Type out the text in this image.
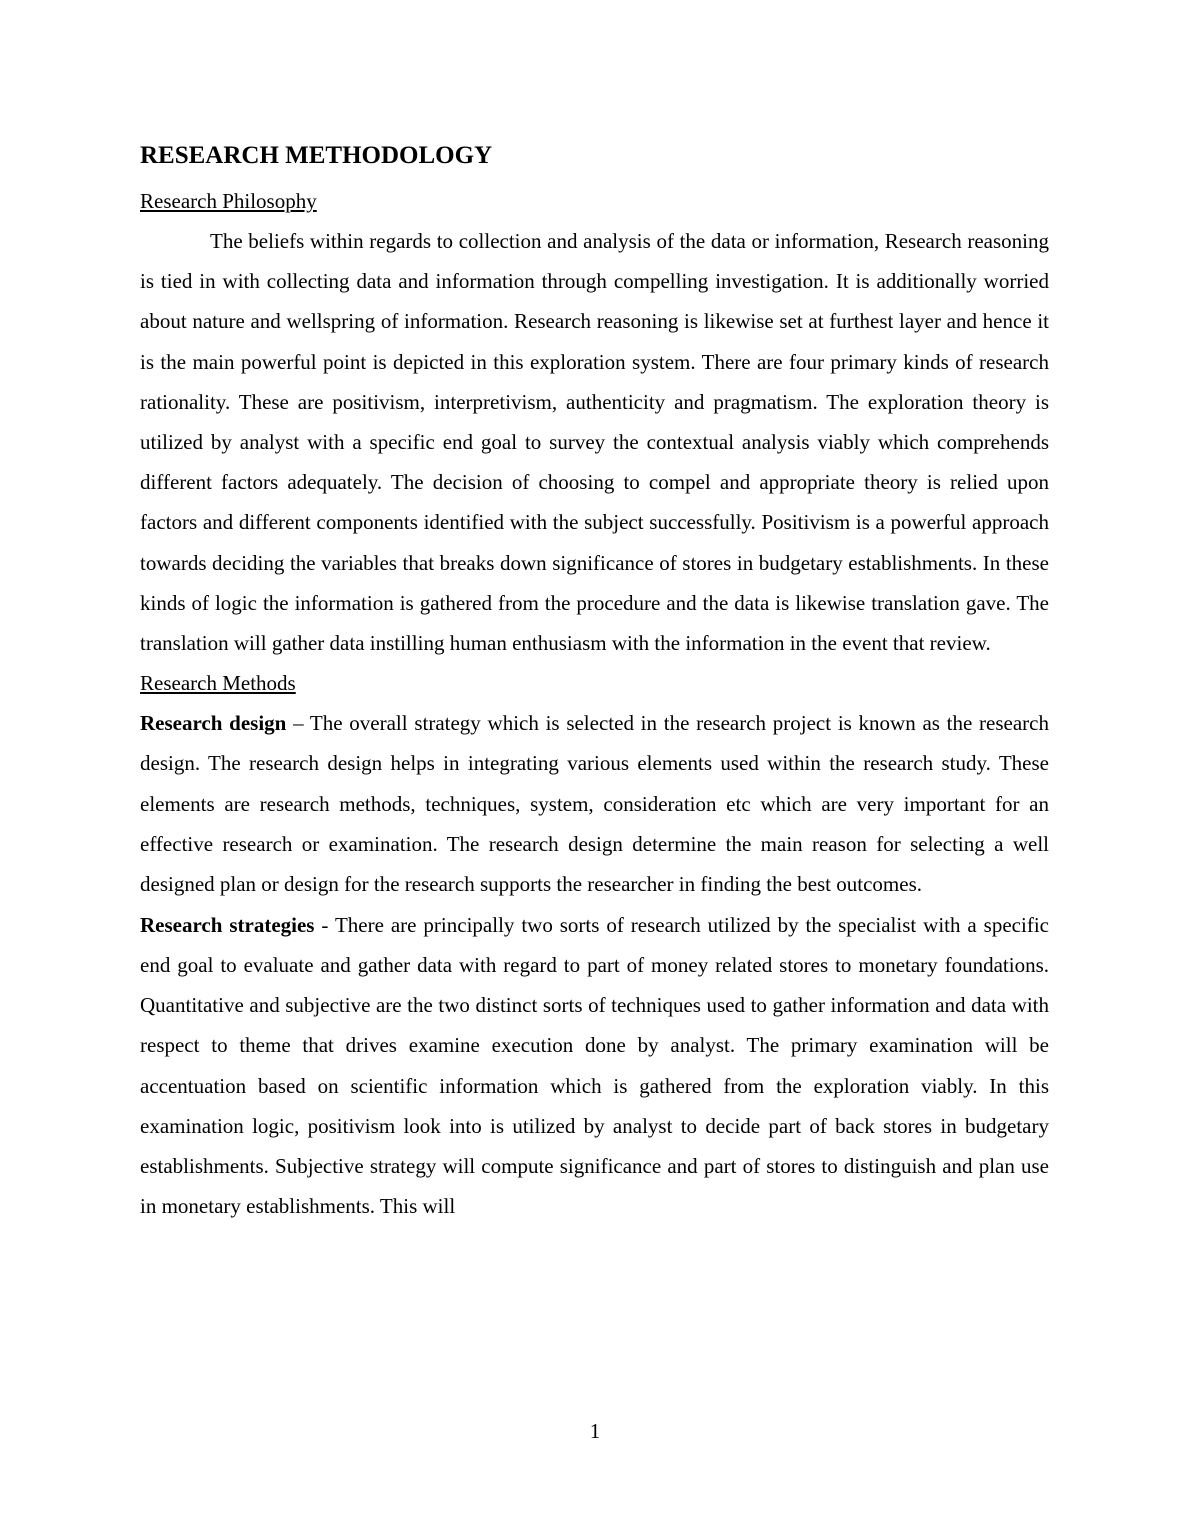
RESEARCH METHODOLOGY
Research Philosophy

The beliefs within regards to collection and analysis of the data or information, Research reasoning is tied in with collecting data and information through compelling investigation. It is additionally worried about nature and wellspring of information. Research reasoning is likewise set at furthest layer and hence it is the main powerful point is depicted in this exploration system. There are four primary kinds of research rationality. These are positivism, interpretivism, authenticity and pragmatism. The exploration theory is utilized by analyst with a specific end goal to survey the contextual analysis viably which comprehends different factors adequately. The decision of choosing to compel and appropriate theory is relied upon factors and different components identified with the subject successfully. Positivism is a powerful approach towards deciding the variables that breaks down significance of stores in budgetary establishments. In these kinds of logic the information is gathered from the procedure and the data is likewise translation gave. The translation will gather data instilling human enthusiasm with the information in the event that review.

Research Methods

Research design – The overall strategy which is selected in the research project is known as the research design. The research design helps in integrating various elements used within the research study. These elements are research methods, techniques, system, consideration etc which are very important for an effective research or examination. The research design determine the main reason for selecting a well designed plan or design for the research supports the researcher in finding the best outcomes.

Research strategies - There are principally two sorts of research utilized by the specialist with a specific end goal to evaluate and gather data with regard to part of money related stores to monetary foundations. Quantitative and subjective are the two distinct sorts of techniques used to gather information and data with respect to theme that drives examine execution done by analyst. The primary examination will be accentuation based on scientific information which is gathered from the exploration viably. In this examination logic, positivism look into is utilized by analyst to decide part of back stores in budgetary establishments. Subjective strategy will compute significance and part of stores to distinguish and plan use in monetary establishments. This will

1
